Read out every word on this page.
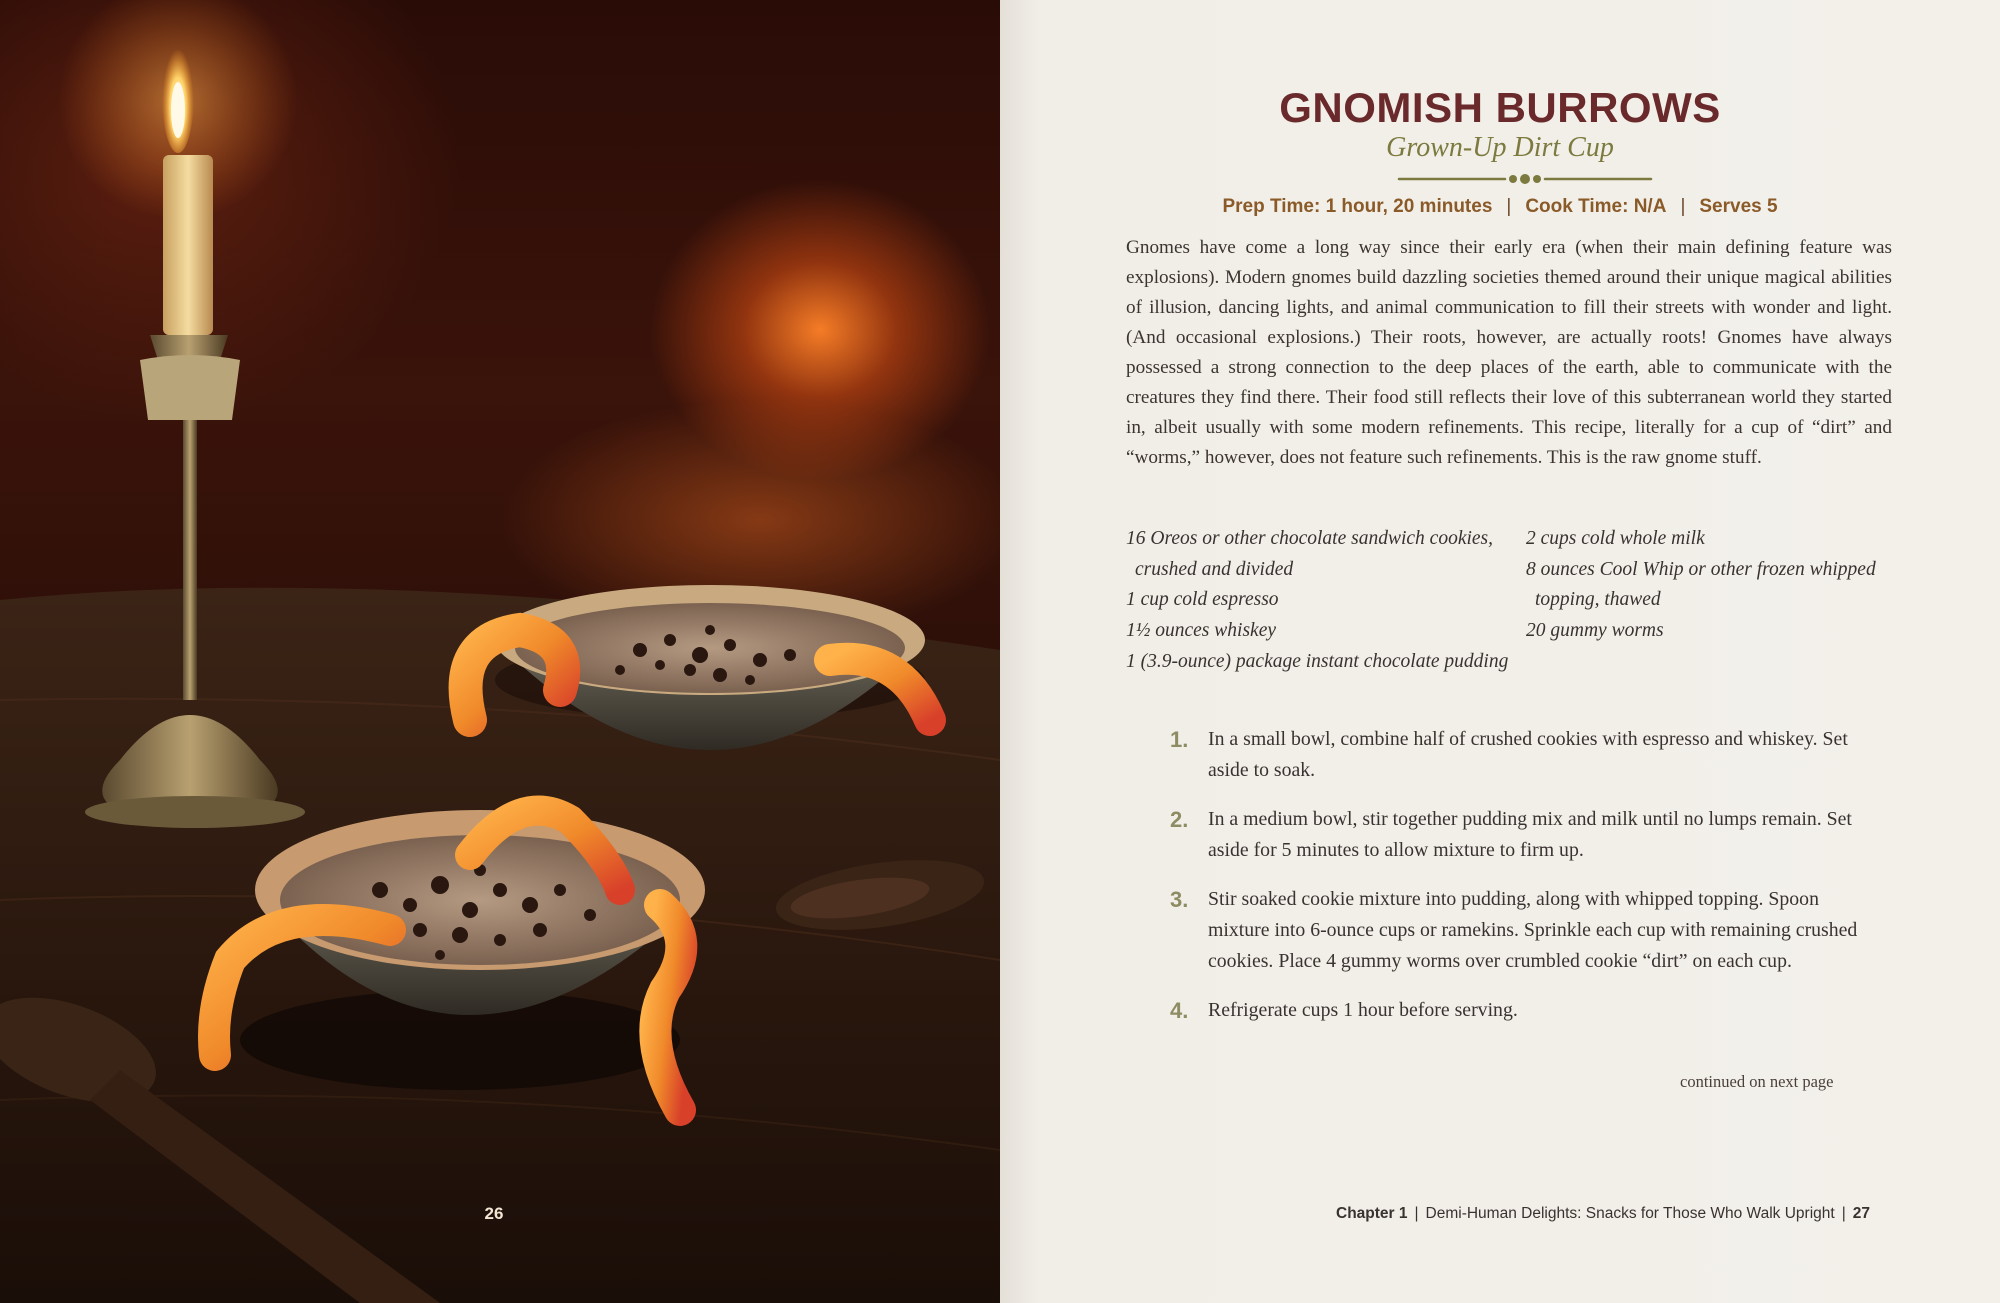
26
GNOMISH BURROWS
Grown-Up Dirt Cup
Prep Time: 1 hour, 20 minutes | Cook Time: N/A | Serves 5

Gnomes have come a long way since their early era (when their main defining feature was explosions). Modern gnomes build dazzling societies themed around their unique magical abilities of illusion, dancing lights, and animal communication to fill their streets with wonder and light. (And occasional explosions.) Their roots, however, are actually roots! Gnomes have always possessed a strong connection to the deep places of the earth, able to communicate with the creatures they find there. Their food still reflects their love of this subterranean world they started in, albeit usually with some modern refinements. This recipe, literally for a cup of “dirt” and “worms,” however, does not feature such refinements. This is the raw gnome stuff.

16 Oreos or other chocolate sandwich cookies, crushed and divided
1 cup cold espresso
1½ ounces whiskey
1 (3.9-ounce) package instant chocolate pudding
2 cups cold whole milk
8 ounces Cool Whip or other frozen whipped topping, thawed
20 gummy worms
1. In a small bowl, combine half of crushed cookies with espresso and whiskey. Set aside to soak.
2. In a medium bowl, stir together pudding mix and milk until no lumps remain. Set aside for 5 minutes to allow mixture to firm up.
3. Stir soaked cookie mixture into pudding, along with whipped topping. Spoon mixture into 6-ounce cups or ramekins. Sprinkle each cup with remaining crushed cookies. Place 4 gummy worms over crumbled cookie “dirt” on each cup.
4. Refrigerate cups 1 hour before serving.
continued on next page
Chapter 1 | Demi-Human Delights: Snacks for Those Who Walk Upright | 27
